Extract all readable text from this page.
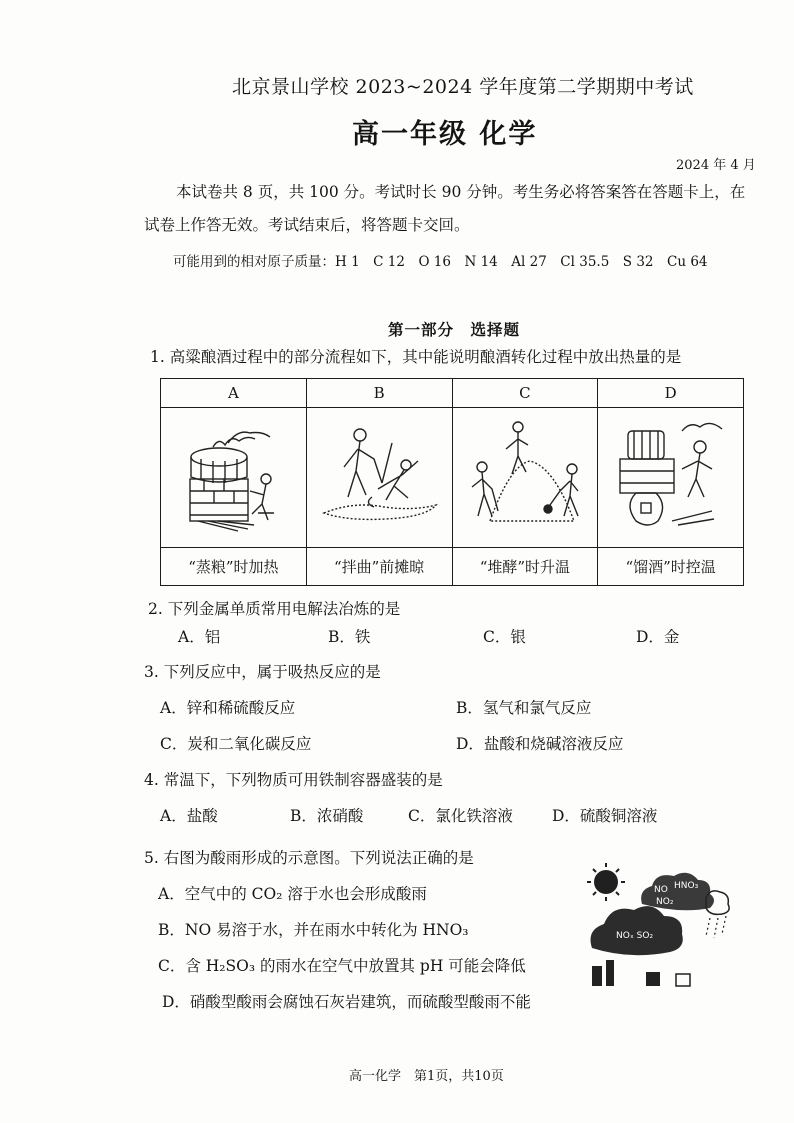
北京景山学校 2023~2024 学年度第二学期期中考试
高一年级 化学
2024 年 4 月
本试卷共 8 页，共 100 分。考试时长 90 分钟。考生务必将答案答在答题卡上，在试卷上作答无效。考试结束后，将答题卡交回。
可能用到的相对原子质量：H 1　C 12　O 16　N 14　Al 27　Cl 35.5　S 32　Cu 64
第一部分　选择题
1. 高粱酿酒过程中的部分流程如下，其中能说明酿酒转化过程中放出热量的是
A	B	C	D

“蒸粮”时加热	“拌曲”前摊晾	“堆酵”时升温	“馏酒”时控温
2. 下列金属单质常用电解法冶炼的是
A．铝	B．铁	C．银	D．金
3. 下列反应中，属于吸热反应的是
A．锌和稀硫酸反应	B．氢气和氯气反应
C．炭和二氧化碳反应	D．盐酸和烧碱溶液反应
4. 常温下，下列物质可用铁制容器盛装的是
A．盐酸	B．浓硝酸	C．氯化铁溶液	D．硫酸铜溶液
5. 右图为酸雨形成的示意图。下列说法正确的是
A．空气中的 CO₂ 溶于水也会形成酸雨
B．NO 易溶于水，并在雨水中转化为 HNO₃
C．含 H₂SO₃ 的雨水在空气中放置其 pH 可能会降低
D．硝酸型酸雨会腐蚀石灰岩建筑，而硫酸型酸雨不能
NO HNO₃
NO₂
NOₓ SO₂
高一化学　第1页，共10页
